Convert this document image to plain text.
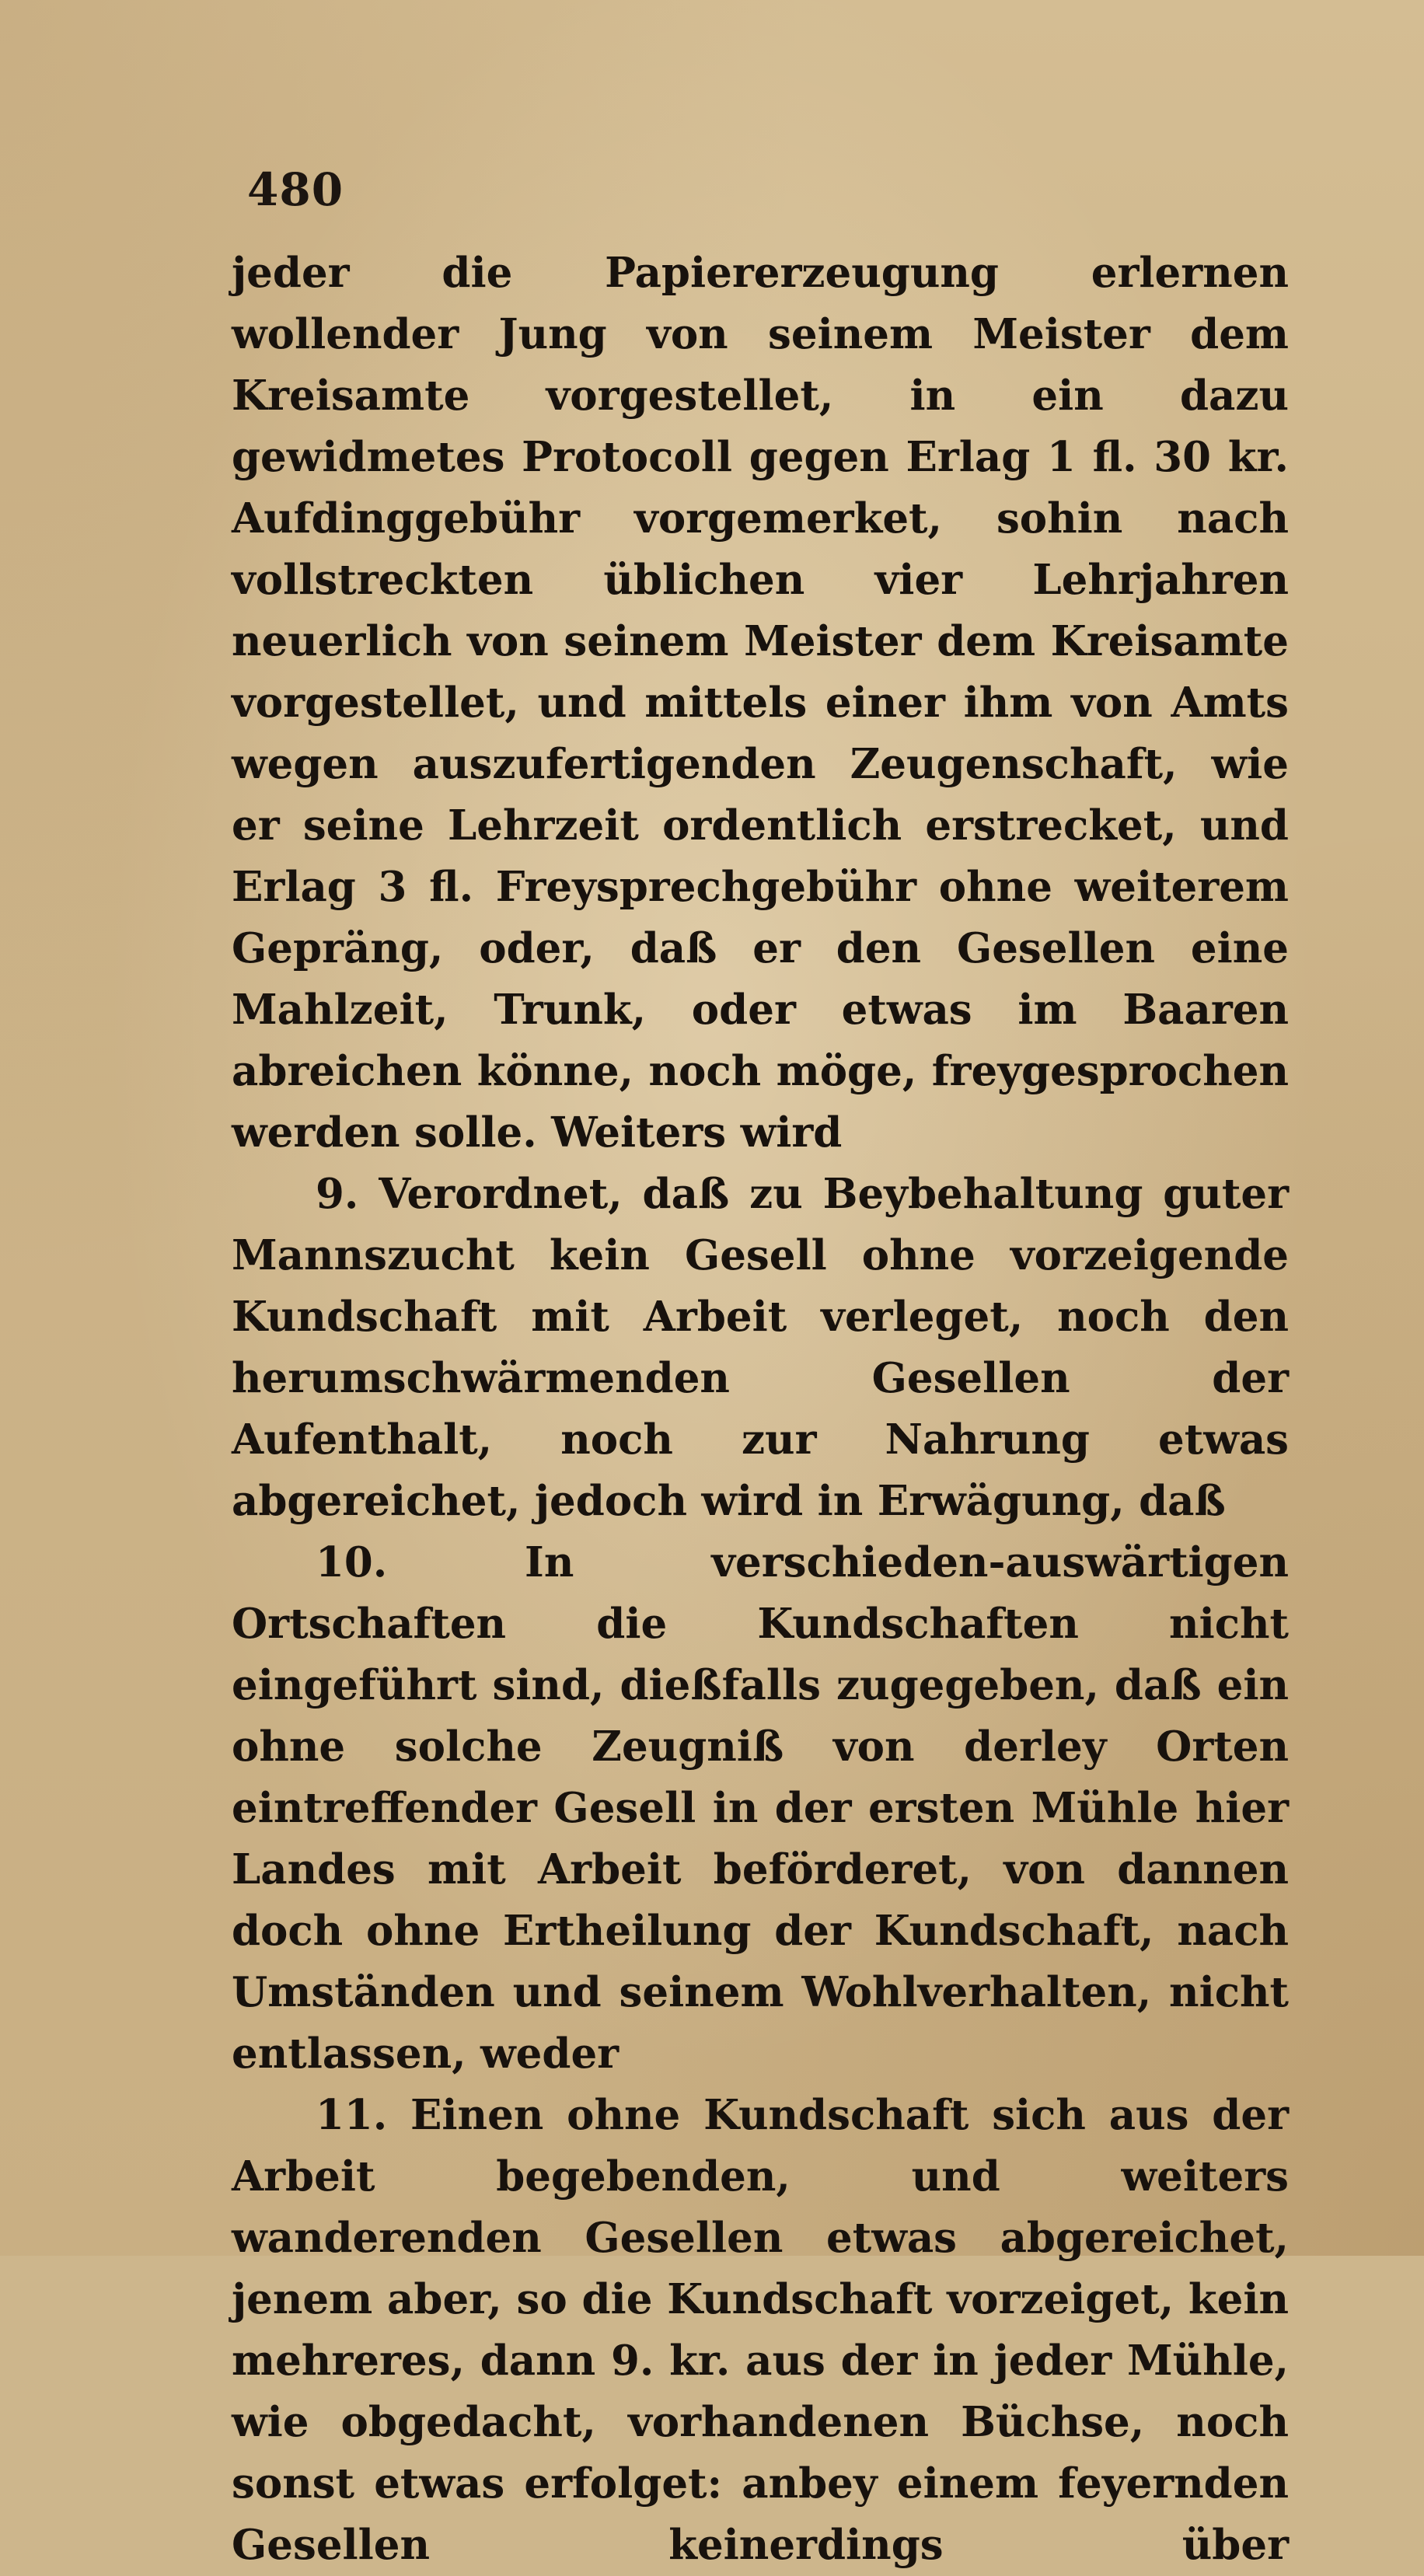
480

jeder die Papiererzeugung erlernen wollender Jung von seinem Meister dem Kreisamte vorgestellet, in ein dazu gewidmetes Protocoll gegen Erlag 1 fl. 30 kr. Aufdinggebühr vorgemerket, sohin nach vollstreckten üblichen vier Lehrjahren neuerlich von seinem Meister dem Kreisamte vorgestellet, und mittels einer ihm von Amts wegen auszufertigenden Zeugenschaft, wie er seine Lehrzeit ordentlich erstrecket, und Erlag 3 fl. Freysprechgebühr ohne weiterem Gepräng, oder, daß er den Gesellen eine Mahlzeit, Trunk, oder etwas im Baaren abreichen könne, noch möge, freygesprochen werden solle. Weiters wird

9. Verordnet, daß zu Beybehaltung guter Mannszucht kein Gesell ohne vorzeigende Kundschaft mit Arbeit verleget, noch den herumschwärmenden Gesellen der Aufenthalt, noch zur Nahrung etwas abgereichet, jedoch wird in Erwägung, daß

10. In verschieden-auswärtigen Ortschaften die Kundschaften nicht eingeführt sind, dießfalls zugegeben, daß ein ohne solche Zeugniß von derley Orten eintreffender Gesell in der ersten Mühle hier Landes mit Arbeit beförderet, von dannen doch ohne Ertheilung der Kundschaft, nach Umständen und seinem Wohlverhalten, nicht entlassen, weder

11. Einen ohne Kundschaft sich aus der Arbeit begebenden, und weiters wanderenden Gesellen etwas abgereichet, jenem aber, so die Kundschaft vorzeiget, kein mehreres, dann 9. kr. aus der in jeder Mühle, wie obgedacht, vorhandenen Büchse, noch sonst etwas erfolget: anbey einem feyernden Gesellen keinerdings über
